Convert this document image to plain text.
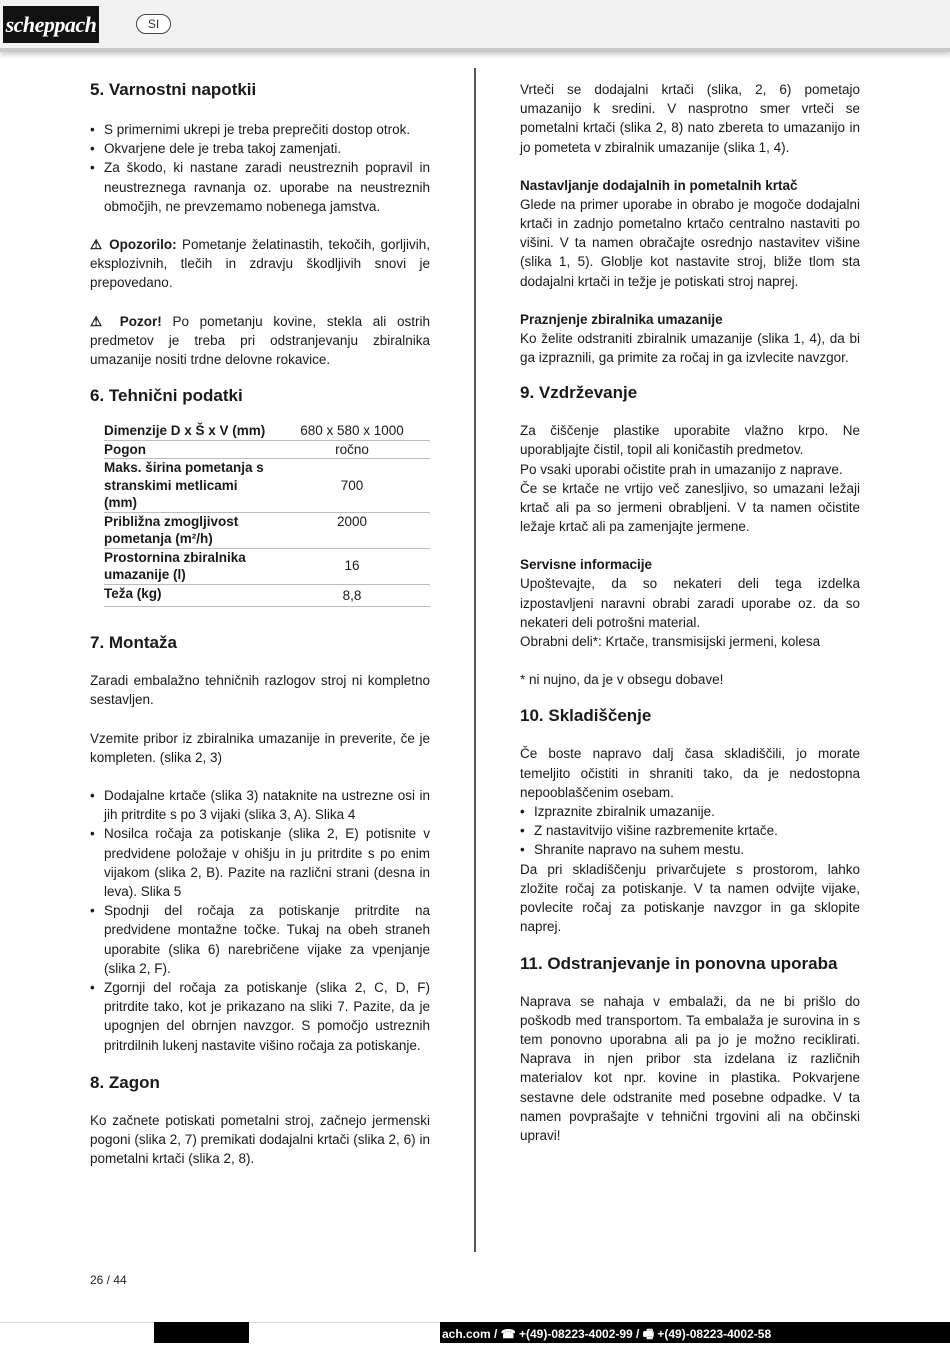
scheppach	SI
5. Varnostni napotkii
• S primernimi ukrepi je treba preprečiti dostop otrok.
• Okvarjene dele je treba takoj zamenjati.
• Za škodo, ki nastane zaradi neustreznih popravil in neustreznega ravnanja oz. uporabe na neustreznih območjih, ne prevzemamo nobenega jamstva.

⚠ Opozorilo: Pometanje želatinastih, tekočih, gorljivih, eksplozivnih, tlečih in zdravju škodljivih snovi je prepovedano.

⚠ Pozor! Po pometanju kovine, stekla ali ostrih predmetov je treba pri odstranjevanju zbiralnika umazanije nositi trdne delovne rokavice.

6. Tehnični podatki
Dimenzije D x Š x V (mm)	680 x 580 x 1000
Pogon	ročno
Maks. širina pometanja s stranskimi metlicami (mm)	700
Približna zmogljivost pometanja (m²/h)	2000
Prostornina zbiralnika umazanije (l)	16
Teža (kg)	8,8
7. Montaža

Zaradi embalažno tehničnih razlogov stroj ni kompletno sestavljen.

Vzemite pribor iz zbiralnika umazanije in preverite, če je kompleten. (slika 2, 3)

• Dodajalne krtače (slika 3) nataknite na ustrezne osi in jih pritrdite s po 3 vijaki (slika 3, A). Slika 4
• Nosilca ročaja za potiskanje (slika 2, E) potisnite v predvidene položaje v ohišju in ju pritrdite s po enim vijakom (slika 2, B). Pazite na različni strani (desna in leva). Slika 5
• Spodnji del ročaja za potiskanje pritrdite na predvidene montažne točke. Tukaj na obeh straneh uporabite (slika 6) narebričene vijake za vpenjanje (slika 2, F).
• Zgornji del ročaja za potiskanje (slika 2, C, D, F) pritrdite tako, kot je prikazano na sliki 7. Pazite, da je upognjen del obrnjen navzgor. S pomočjo ustreznih pritrdilnih lukenj nastavite višino ročaja za potiskanje.
8. Zagon

Ko začnete potiskati pometalni stroj, začnejo jermenski pogoni (slika 2, 7) premikati dodajalni krtači (slika 2, 6) in pometalni krtači (slika 2, 8).

Vrteči se dodajalni krtači (slika, 2, 6) pometajo umazanijo k sredini. V nasprotno smer vrteči se pometalni krtači (slika 2, 8) nato zbereta to umazanijo in jo pometeta v zbiralnik umazanije (slika 1, 4).

Nastavljanje dodajalnih in pometalnih krtač

Glede na primer uporabe in obrabo je mogoče dodajalni krtači in zadnjo pometalno krtačo centralno nastaviti po višini. V ta namen obračajte osrednjo nastavitev višine (slika 1, 5). Globlje kot nastavite stroj, bliže tlom sta dodajalni krtači in težje je potiskati stroj naprej.

Praznjenje zbiralnika umazanije

Ko želite odstraniti zbiralnik umazanije (slika 1, 4), da bi ga izpraznili, ga primite za ročaj in ga izvlecite navzgor.

9. Vzdrževanje

Za čiščenje plastike uporabite vlažno krpo. Ne uporabljajte čistil, topil ali koničastih predmetov.

Po vsaki uporabi očistite prah in umazanijo z naprave.

Če se krtače ne vrtijo več zanesljivo, so umazani ležaji krtač ali pa so jermeni obrabljeni. V ta namen očistite ležaje krtač ali pa zamenjajte jermene.

Servisne informacije

Upoštevajte, da so nekateri deli tega izdelka izpostavljeni naravni obrabi zaradi uporabe oz. da so nekateri deli potrošni material.

Obrabni deli*: Krtače, transmisijski jermeni, kolesa

* ni nujno, da je v obsegu dobave!

10. Skladiščenje

Če boste napravo dalj časa skladiščili, jo morate temeljito očistiti in shraniti tako, da je nedostopna nepooblaščenim osebam.

• Izpraznite zbiralnik umazanije.
• Z nastavitvijo višine razbremenite krtače.
• Shranite napravo na suhem mestu.

Da pri skladiščenju privarčujete s prostorom, lahko zložite ročaj za potiskanje. V ta namen odvijte vijake, povlecite ročaj za potiskanje navzgor in ga sklopite naprej.

11. Odstranjevanje in ponovna uporaba

Naprava se nahaja v embalaži, da ne bi prišlo do poškodb med transportom. Ta embalaža je surovina in s tem ponovno uporabna ali pa jo je možno reciklirati. Naprava in njen pribor sta izdelana iz različnih materialov kot npr. kovine in plastika. Pokvarjene sestavne dele odstranite med posebne odpadke. V ta namen povprašajte v tehnični trgovini ali na občinski upravi!

26 / 44
ach.com / ☎ +(49)-08223-4002-99 / 🖷 +(49)-08223-4002-58
